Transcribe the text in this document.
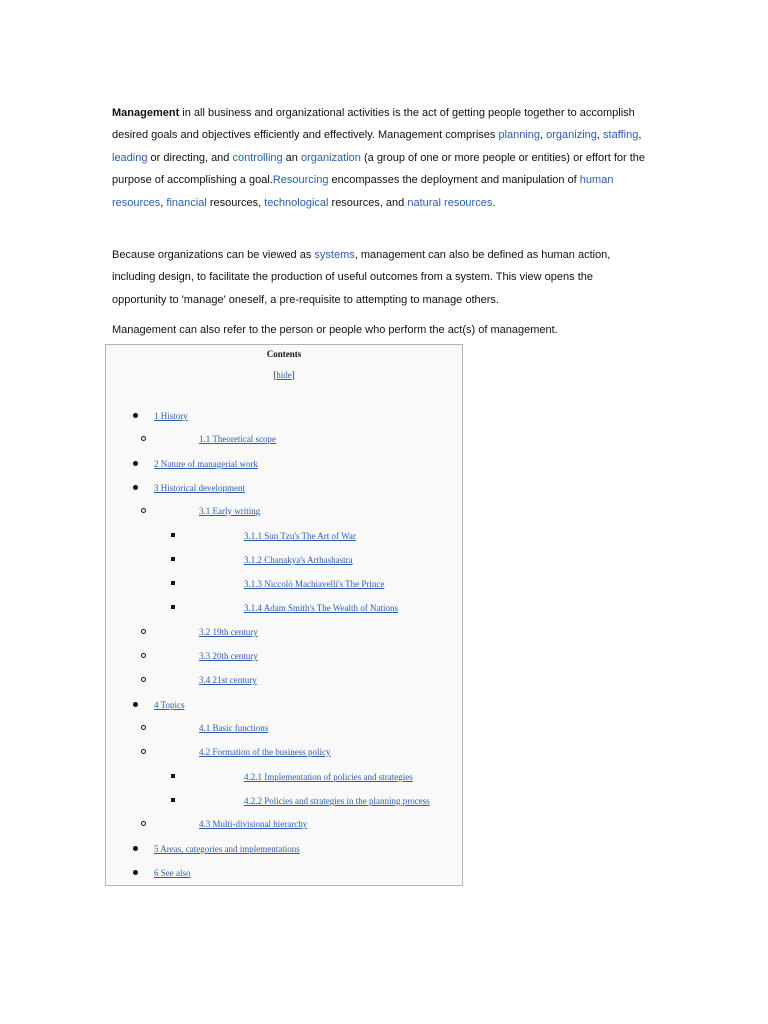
Management in all business and organizational activities is the act of getting people together to accomplish desired goals and objectives efficiently and effectively. Management comprises planning, organizing, staffing, leading or directing, and controlling an organization (a group of one or more people or entities) or effort for the purpose of accomplishing a goal.Resourcing encompasses the deployment and manipulation of human resources, financial resources, technological resources, and natural resources.
Because organizations can be viewed as systems, management can also be defined as human action, including design, to facilitate the production of useful outcomes from a system. This view opens the opportunity to 'manage' oneself, a pre-requisite to attempting to manage others.
Management can also refer to the person or people who perform the act(s) of management.
Contents
[hide]
1 History
1.1 Theoretical scope
2 Nature of managerial work
3 Historical development
3.1 Early writing
3.1.1 Sun Tzu's The Art of War
3.1.2 Chanakya's Arthashastra
3.1.3 Niccolò Machiavelli's The Prince
3.1.4 Adam Smith's The Wealth of Nations
3.2 19th century
3.3 20th century
3.4 21st century
4 Topics
4.1 Basic functions
4.2 Formation of the business policy
4.2.1 Implementation of policies and strategies
4.2.2 Policies and strategies in the planning process
4.3 Multi-divisional hierarchy
5 Areas, categories and implementations
6 See also
